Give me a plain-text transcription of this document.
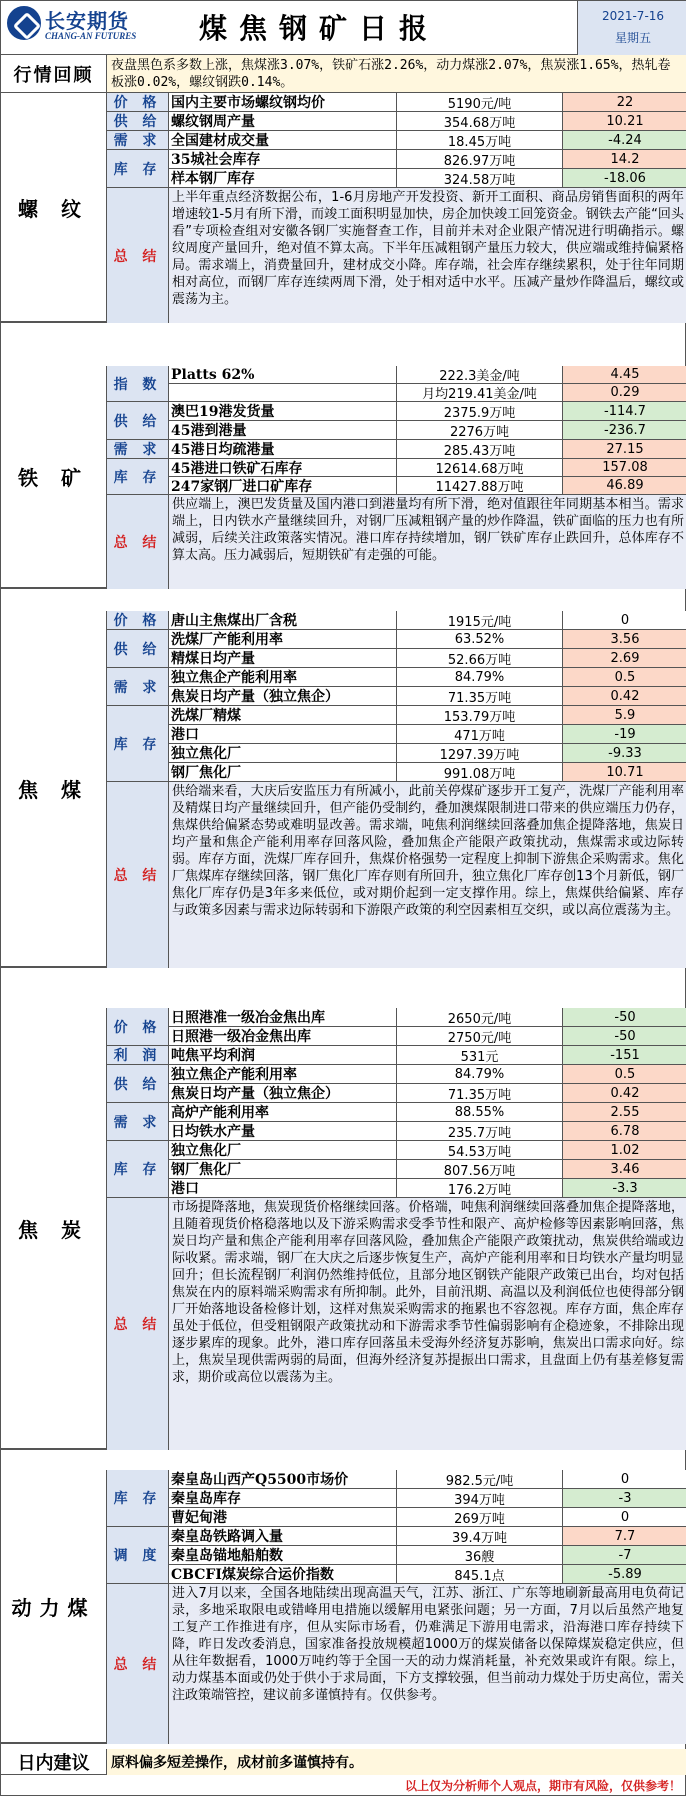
长安期货
CHANG-AN FUTURES 煤焦钢矿日报	2021-7-16
星期五
行情回顾	夜盘黑色系多数上涨，焦煤涨3.07%，铁矿石涨2.26%，动力煤涨2.07%，焦炭涨1.65%，热轧卷板涨0.02%，螺纹钢跌0.14%。
螺 纹
价 格
供 给
需 求
库 存
国内主要市场螺纹钢均价	5190元/吨	22
螺纹钢周产量	354.68万吨	10.21
全国建材成交量	18.45万吨	-4.24
35城社会库存	826.97万吨	14.2
样本钢厂库存	324.58万吨	-18.06
总 结
上半年重点经济数据公布，1-6月房地产开发投资、新开工面积、商品房销售面积的两年增速较1-5月有所下滑，而竣工面积明显加快，房企加快竣工回笼资金。钢铁去产能“回头看”专项检查组对安徽各钢厂实施督查工作，目前并未对企业限产情况进行明确指示。螺纹周度产量回升，绝对值不算太高。下半年压减粗钢产量压力较大，供应端或维持偏紧格局。需求端上，消费量回升，建材成交小降。库存端，社会库存继续累积，处于往年同期相对高位，而钢厂库存连续两周下滑，处于相对适中水平。压减产量炒作降温后，螺纹或震荡为主。
铁 矿
指 数
供 给
需 求
库 存
Platts 62%	222.3美金/吨	4.45
月均219.41美金/吨	0.29
澳巴19港发货量	2375.9万吨	-114.7
45港到港量	2276万吨	-236.7
45港日均疏港量	285.43万吨	27.15
45港进口铁矿石库存	12614.68万吨	157.08
247家钢厂进口矿库存	11427.88万吨	46.89
总 结
供应端上，澳巴发货量及国内港口到港量均有所下滑，绝对值跟往年同期基本相当。需求端上，日内铁水产量继续回升，对钢厂压减粗钢产量的炒作降温，铁矿面临的压力也有所减弱，后续关注政策落实情况。港口库存持续增加，钢厂铁矿库存止跌回升，总体库存不算太高。压力减弱后，短期铁矿有走强的可能。
焦 煤
价 格
供 给
需 求
库 存
唐山主焦煤出厂含税	1915元/吨	0
洗煤厂产能利用率	63.52%	3.56
精煤日均产量	52.66万吨	2.69
独立焦企产能利用率	84.79%	0.5
焦炭日均产量（独立焦企）	71.35万吨	0.42
洗煤厂精煤	153.79万吨	5.9
港口	471万吨	-19
独立焦化厂	1297.39万吨	-9.33
钢厂焦化厂	991.08万吨	10.71
总 结
供给端来看，大庆后安监压力有所减小，此前关停煤矿逐步开工复产，洗煤厂产能利用率及精煤日均产量继续回升，但产能仍受制约，叠加澳煤限制进口带来的供应端压力仍存，焦煤供给偏紧态势或难明显改善。需求端，吨焦利润继续回落叠加焦企提降落地，焦炭日均产量和焦企产能利用率存回落风险，叠加焦企产能限产政策扰动，焦煤需求或边际转弱。库存方面，洗煤厂库存回升，焦煤价格强势一定程度上抑制下游焦企采购需求。焦化厂焦煤库存继续回落，钢厂焦化厂库存则有所回升，独立焦化厂库存创13个月新低，钢厂焦化厂库存仍是3年多来低位，或对期价起到一定支撑作用。综上，焦煤供给偏紧、库存与政策多因素与需求边际转弱和下游限产政策的利空因素相互交织，或以高位震荡为主。
焦 炭
价 格
利 润
供 给
需 求
库 存
日照港准一级冶金焦出库	2650元/吨	-50
日照港一级冶金焦出库	2750元/吨	-50
吨焦平均利润	531元	-151
独立焦企产能利用率	84.79%	0.5
焦炭日均产量（独立焦企）	71.35万吨	0.42
高炉产能利用率	88.55%	2.55
日均铁水产量	235.7万吨	6.78
独立焦化厂	54.53万吨	1.02
钢厂焦化厂	807.56万吨	3.46
港口	176.2万吨	-3.3
总 结
市场提降落地，焦炭现货价格继续回落。价格端，吨焦利润继续回落叠加焦企提降落地，且随着现货价格稳落地以及下游采购需求受季节性和限产、高炉检修等因素影响回落，焦炭日均产量和焦企产能利用率存回落风险，叠加焦企产能限产政策扰动，焦炭供给端或边际收紧。需求端，钢厂在大庆之后逐步恢复生产，高炉产能利用率和日均铁水产量均明显回升；但长流程钢厂利润仍然维持低位，且部分地区钢铁产能限产政策已出台，均对包括焦炭在内的原料端采购需求有所抑制。此外，目前汛期、高温以及利润低位也使得部分钢厂开始落地设备检修计划，这样对焦炭采购需求的拖累也不容忽视。库存方面，焦企库存虽处于低位，但受粗钢限产政策扰动和下游需求季节性偏弱影响有企稳迹象，不排除出现逐步累库的现象。此外，港口库存回落虽未受海外经济复苏影响，焦炭出口需求向好。综上，焦炭呈现供需两弱的局面，但海外经济复苏提振出口需求，且盘面上仍有基差修复需求，期价或高位以震荡为主。
动力煤
库 存
调 度
秦皇岛山西产Q5500市场价	982.5元/吨	0
秦皇岛库存	394万吨	-3
曹妃甸港	269万吨	0
秦皇岛铁路调入量	39.4万吨	7.7
秦皇岛锚地船舶数	36艘	-7
CBCFI煤炭综合运价指数	845.1点	-5.89
总 结
进入7月以来，全国各地陆续出现高温天气，江苏、浙江、广东等地刷新最高用电负荷记录，多地采取限电或错峰用电措施以缓解用电紧张问题；另一方面，7月以后虽然产地复工复产工作推进有序，但从实际市场看，仍难满足下游用电需求，沿海港口库存持续下降，昨日发改委消息，国家准备投放规模超1000万的煤炭储备以保障煤炭稳定供应，但从往年数据看，1000万吨约等于全国一天的动力煤消耗量，补充效果或许有限。综上，动力煤基本面或仍处于供小于求局面，下方支撑较强，但当前动力煤处于历史高位，需关注政策端管控，建议前多谨慎持有。仅供参考。
日内建议	原料偏多短差操作，成材前多谨慎持有。
以上仅为分析师个人观点，期市有风险，仅供参考！
